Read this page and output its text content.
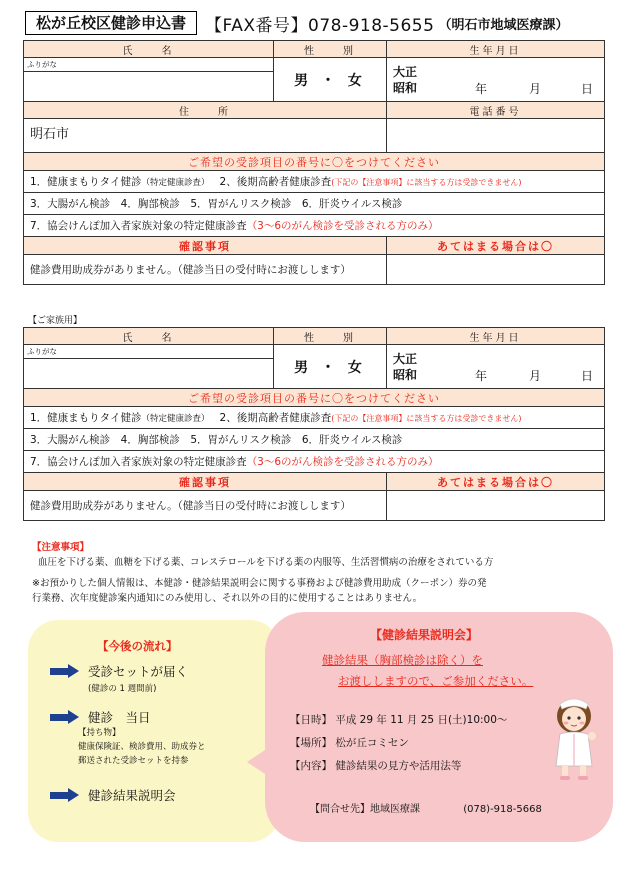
松が丘校区健診申込書	【FAX番号】078-918-5655 （明石市地域医療課）
氏　　名	性　　別	生年月日
ふりがな	男 ・ 女	大正
昭和 年 月 日

住　　所		電話番号
明石市		
ご希望の受診項目の番号に〇をつけてください		
1．健康まもりタイ健診（特定健康診査） 2、後期高齢者健康診査(下記の【注意事項】に該当する方は受診できません)		
3．大腸がん検診　4．胸部検診　5．胃がんリスク検診　6．肝炎ウイルス検診		
7．協会けんぽ加入者家族対象の特定健康診査（3～6のがん検診を受診される方のみ）		
確認事項		あてはまる場合は〇
健診費用助成券がありません。（健診当日の受付時にお渡しします）		
【ご家族用】
氏　　名	性　　別	生年月日
ふりがな	男 ・ 女	大正
昭和 年 月 日

ご希望の受診項目の番号に〇をつけてください		
1．健康まもりタイ健診（特定健康診査） 2、後期高齢者健康診査(下記の【注意事項】に該当する方は受診できません)		
3．大腸がん検診　4．胸部検診　5．胃がんリスク検診　6．肝炎ウイルス検診		
7．協会けんぽ加入者家族対象の特定健康診査（3～6のがん検診を受診される方のみ）		
確認事項		あてはまる場合は〇
健診費用助成券がありません。（健診当日の受付時にお渡しします）		
【注意事項】
血圧を下げる薬、血糖を下げる薬、コレステロールを下げる薬の内服等、生活習慣病の治療をされている方
※お預かりした個人情報は、本健診・健診結果説明会に関する事務および健診費用助成（クーポン）券の発
行業務、次年度健診案内通知にのみ使用し、それ以外の目的に使用することはありません。
【今後の流れ】
受診セットが届く
(健診の 1 週間前)
健診　当日
【持ち物】
健康保険証、検診費用、助成券と
郵送された受診セットを持参
健診結果説明会
【健診結果説明会】
健診結果（胸部検診は除く）を
お渡ししますので、ご参加ください。
【日時】 平成 29 年 11 月 25 日(土)10:00～
【場所】 松が丘コミセン
【内容】 健診結果の見方や活用法等
【問合せ先】地域医療課	(078)-918-5668
